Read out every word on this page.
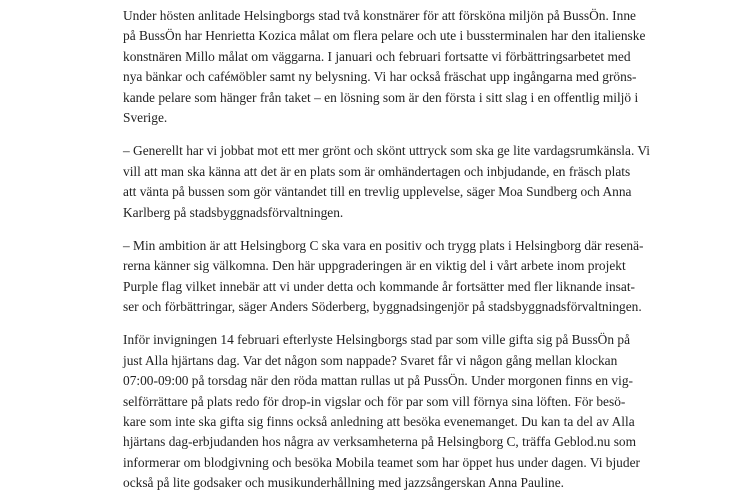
Under hösten anlitade Helsingborgs stad två konstnärer för att försköna miljön på BussÖn. Inne
på BussÖn har Henrietta Kozica målat om flera pelare och ute i bussterminalen har den italienske
konstnären Millo målat om väggarna. I januari och februari fortsatte vi förbättringsarbetet med
nya bänkar och caféмöbler samt ny belysning. Vi har också fräschat upp ingångarna med gröns-
kande pelare som hänger från taket – en lösning som är den första i sitt slag i en offentlig miljö i
Sverige.

– Generellt har vi jobbat mot ett mer grönt och skönt uttryck som ska ge lite vardagsrumkänsla. Vi
vill att man ska känna att det är en plats som är omhändertagen och inbjudande, en fräsch plats
att vänta på bussen som gör väntandet till en trevlig upplevelse, säger Moa Sundberg och Anna
Karlberg på stadsbyggnadsförvaltningen.

– Min ambition är att Helsingborg C ska vara en positiv och trygg plats i Helsingborg där resenä-
rerna känner sig välkomna. Den här uppgraderingen är en viktig del i vårt arbete inom projekt
Purple flag vilket innebär att vi under detta och kommande år fortsätter med fler liknande insat-
ser och förbättringar, säger Anders Söderberg, byggnadsingenjör på stadsbyggnadsförvaltningen.

Inför invigningen 14 februari efterlyste Helsingborgs stad par som ville gifta sig på BussÖn på
just Alla hjärtans dag. Var det någon som nappade? Svaret får vi någon gång mellan klockan
07:00-09:00 på torsdag när den röda mattan rullas ut på PussÖn. Under morgonen finns en vig-
selförrättare på plats redo för drop-in vigslar och för par som vill förnya sina löften. För besö-
kare som inte ska gifta sig finns också anledning att besöka evenemanget. Du kan ta del av Alla
hjärtans dag-erbjudanden hos några av verksamheterna på Helsingborg C, träffa Geblod.nu som
informerar om blodgivning och besöka Mobila teamet som har öppet hus under dagen. Vi bjuder
också på lite godsaker och musikunderhållning med jazzsångerskan Anna Pauline.
